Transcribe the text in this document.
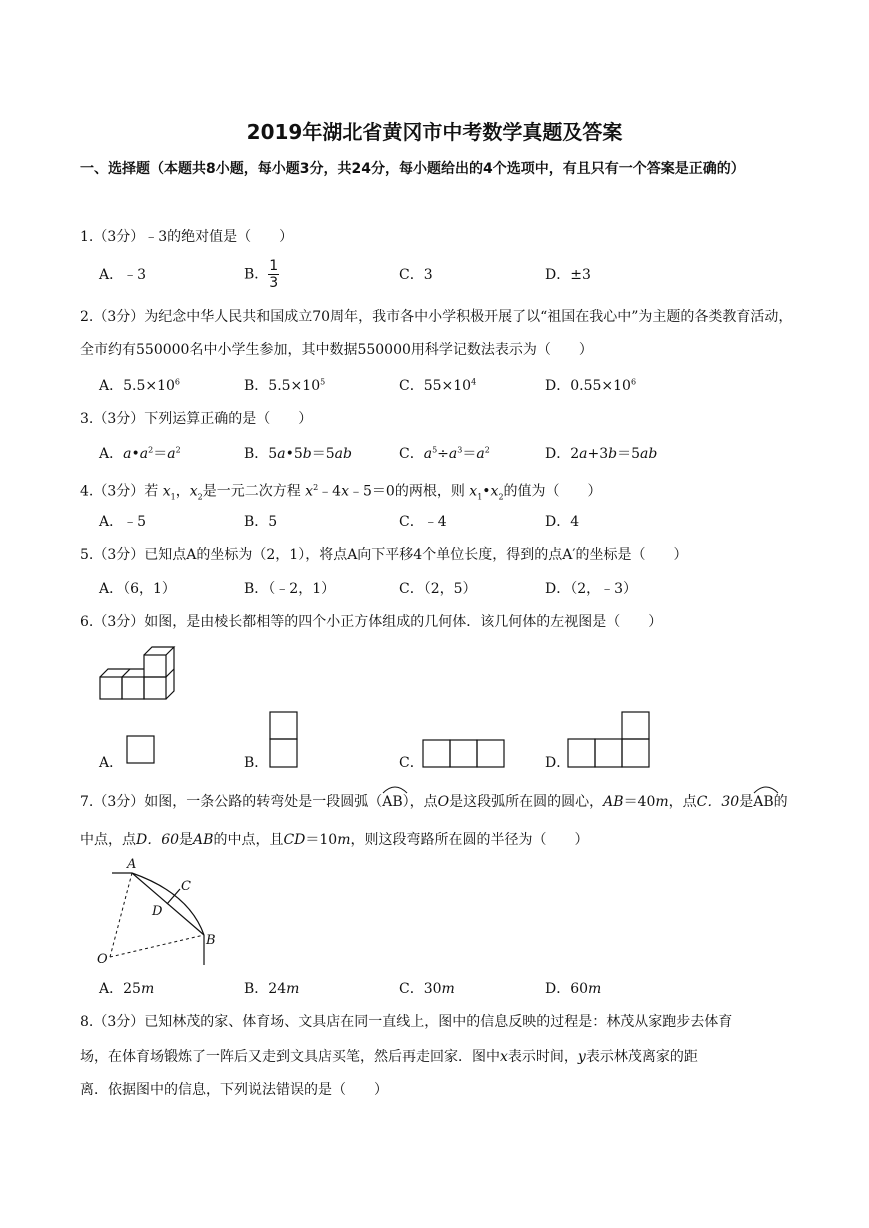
2019年湖北省黄冈市中考数学真题及答案
一、选择题（本题共8小题，每小题3分，共24分，每小题给出的4个选项中，有且只有一个答案是正确的）
1.（3分）﹣3的绝对值是（　　）
A．﹣3	B． $\frac{1}{3}$	C．3	D．±3
2.（3分）为纪念中华人民共和国成立70周年，我市各中小学积极开展了以“祖国在我心中”为主题的各类教育活动，全市约有550000名中小学生参加，其中数据550000用科学记数法表示为（　　）
A．$5.5\times 10^6$	B．$5.5\times 10^5$	C．$55\times 10^4$	D．$0.55\times 10^6$
3.（3分）下列运算正确的是（　　）
A．$a•a^2=a^2$	B．5a•5b＝5ab	C．$a^5\div a^3=a^2$	D．2a+3b＝5ab
4.（3分）若 $x_1$，$x_2$是一元二次方程 $x^2﹣4x﹣5=0$的两根，则 $x_1•x_2$的值为（　　）
A．﹣5	B．5	C．﹣4	D．4
5.（3分）已知点A的坐标为（2，1），将点A向下平移4个单位长度，得到的点A′的坐标是（　　）
A．（6，1）	B．（﹣2，1）	C．（2，5）	D．（2，﹣3）
6.（3分）如图，是由棱长都相等的四个小正方体组成的几何体．该几何体的左视图是（　　）
A．	B．	C．	D．
7.（3分）如图，一条公路的转弯处是一段圆弧（
AB），点O是这段弧所在圆的圆心，AB＝40m，点C．30是
AB的
中点，点D．60是AB的中点，且CD＝10m，则这段弯路所在圆的半径为（　　）
A
C
D
B
O
A．25m	B．24m	C．30m	D．60m
8.（3分）已知林茂的家、体育场、文具店在同一直线上，图中的信息反映的过程是：林茂从家跑步去体育
场，在体育场锻炼了一阵后又走到文具店买笔，然后再走回家．图中x表示时间，y表示林茂离家的距
离．依据图中的信息，下列说法错误的是（　　）
